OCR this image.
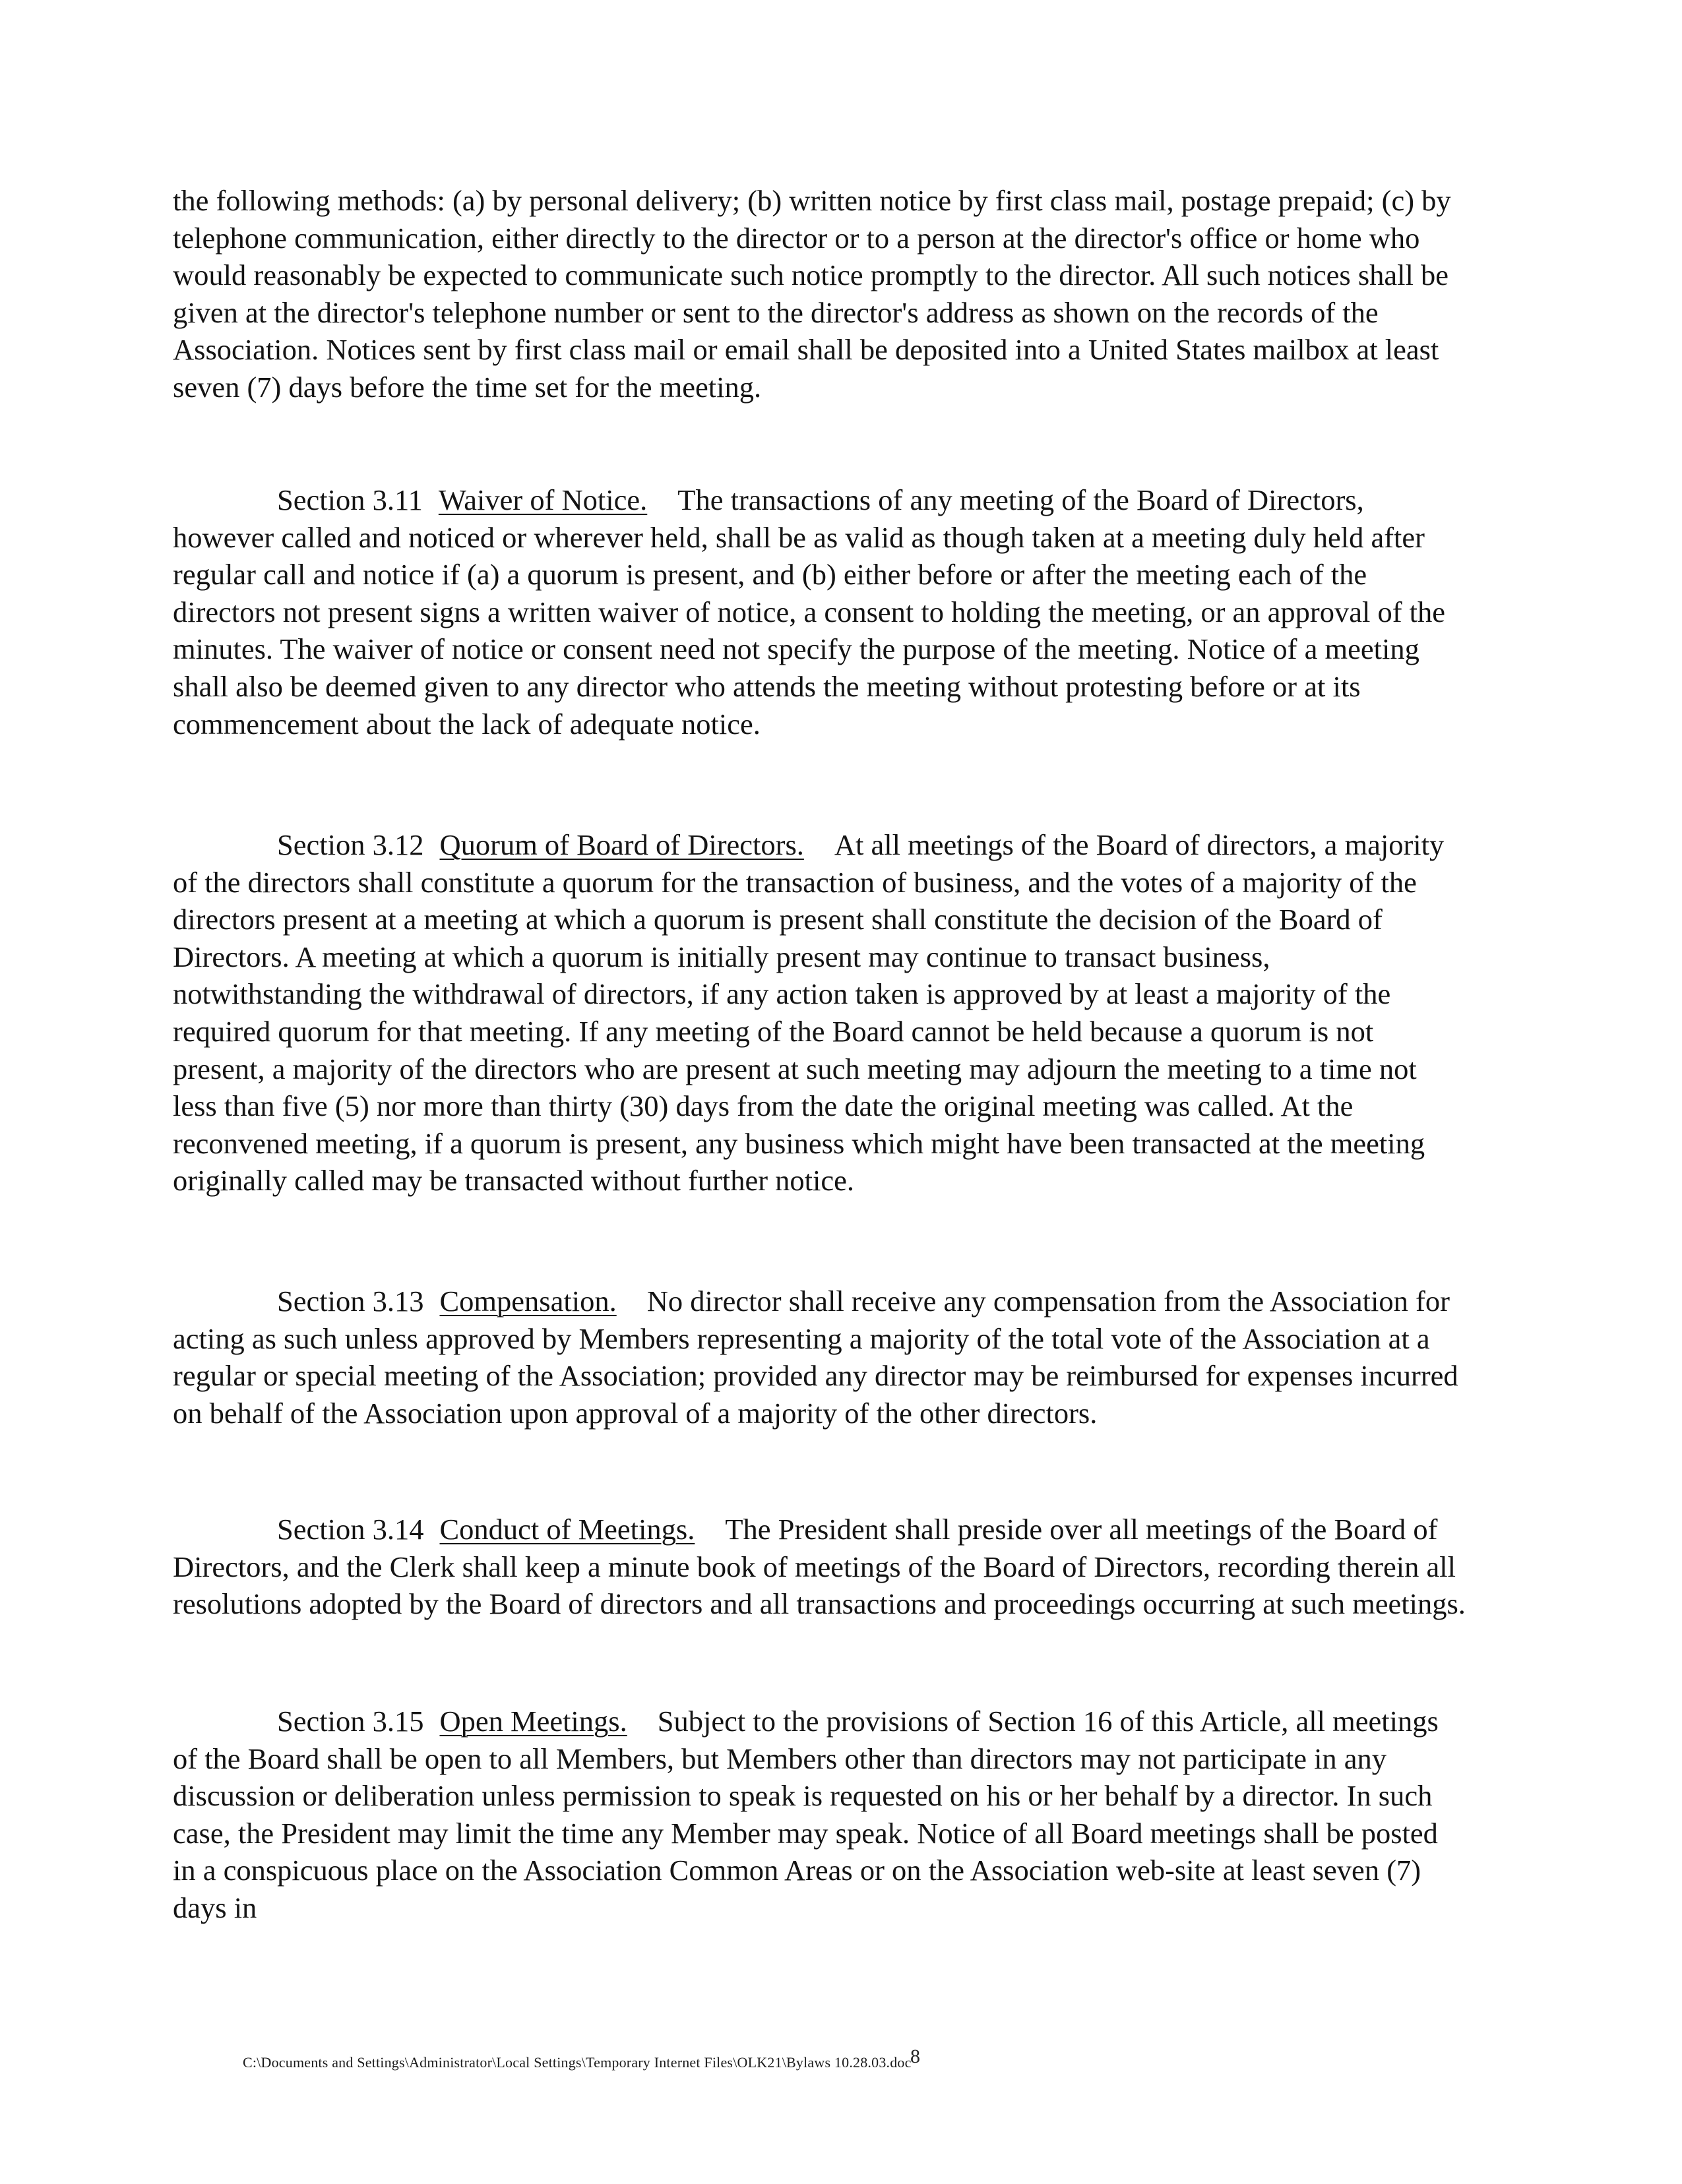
the following methods: (a) by personal delivery; (b) written notice by first class mail, postage prepaid; (c) by telephone communication, either directly to the director or to a person at the director's office or home who would reasonably be expected to communicate such notice promptly to the director. All such notices shall be given at the director's telephone number or sent to the director's address as shown on the records of the Association. Notices sent by first class mail or email shall be deposited into a United States mailbox at least seven (7) days before the time set for the meeting.

Section 3.11 Waiver of Notice. The transactions of any meeting of the Board of Directors, however called and noticed or wherever held, shall be as valid as though taken at a meeting duly held after regular call and notice if (a) a quorum is present, and (b) either before or after the meeting each of the directors not present signs a written waiver of notice, a consent to holding the meeting, or an approval of the minutes. The waiver of notice or consent need not specify the purpose of the meeting. Notice of a meeting shall also be deemed given to any director who attends the meeting without protesting before or at its commencement about the lack of adequate notice.

Section 3.12 Quorum of Board of Directors. At all meetings of the Board of directors, a majority of the directors shall constitute a quorum for the transaction of business, and the votes of a majority of the directors present at a meeting at which a quorum is present shall constitute the decision of the Board of Directors. A meeting at which a quorum is initially present may continue to transact business, notwithstanding the withdrawal of directors, if any action taken is approved by at least a majority of the required quorum for that meeting. If any meeting of the Board cannot be held because a quorum is not present, a majority of the directors who are present at such meeting may adjourn the meeting to a time not less than five (5) nor more than thirty (30) days from the date the original meeting was called. At the reconvened meeting, if a quorum is present, any business which might have been transacted at the meeting originally called may be transacted without further notice.

Section 3.13 Compensation. No director shall receive any compensation from the Association for acting as such unless approved by Members representing a majority of the total vote of the Association at a regular or special meeting of the Association; provided any director may be reimbursed for expenses incurred on behalf of the Association upon approval of a majority of the other directors.

Section 3.14 Conduct of Meetings. The President shall preside over all meetings of the Board of Directors, and the Clerk shall keep a minute book of meetings of the Board of Directors, recording therein all resolutions adopted by the Board of directors and all transactions and proceedings occurring at such meetings.

Section 3.15 Open Meetings. Subject to the provisions of Section 16 of this Article, all meetings of the Board shall be open to all Members, but Members other than directors may not participate in any discussion or deliberation unless permission to speak is requested on his or her behalf by a director. In such case, the President may limit the time any Member may speak. Notice of all Board meetings shall be posted in a conspicuous place on the Association Common Areas or on the Association web-site at least seven (7) days in

C:\Documents and Settings\Administrator\Local Settings\Temporary Internet Files\OLK21\Bylaws 10.28.03.doc
8
